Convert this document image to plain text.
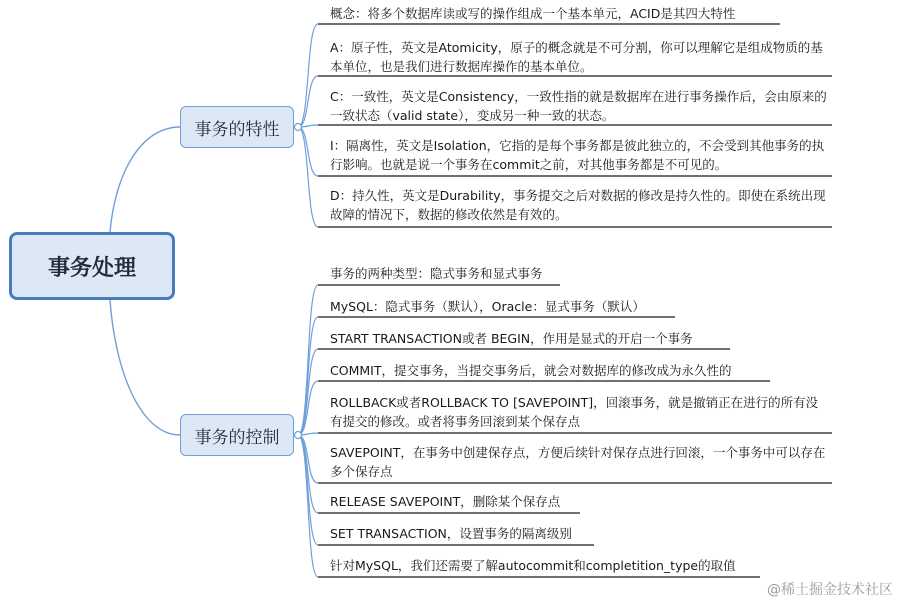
事务处理
事务的特性
事务的控制
概念：将多个数据库读或写的操作组成一个基本单元，ACID是其四大特性
A：原子性，英文是Atomicity，原子的概念就是不可分割，你可以理解它是组成物质的基本单位，也是我们进行数据库操作的基本单位。
C：一致性，英文是Consistency，一致性指的就是数据库在进行事务操作后，会由原来的一致状态（valid state），变成另一种一致的状态。
I：隔离性，英文是Isolation，它指的是每个事务都是彼此独立的，不会受到其他事务的执行影响。也就是说一个事务在commit之前，对其他事务都是不可见的。
D：持久性，英文是Durability，事务提交之后对数据的修改是持久性的。即使在系统出现故障的情况下，数据的修改依然是有效的。
事务的两种类型：隐式事务和显式事务
MySQL：隐式事务（默认），Oracle：显式事务（默认）
START TRANSACTION或者 BEGIN，作用是显式的开启一个事务
COMMIT，提交事务，当提交事务后，就会对数据库的修改成为永久性的
ROLLBACK或者ROLLBACK TO [SAVEPOINT]，回滚事务，就是撤销正在进行的所有没有提交的修改。或者将事务回滚到某个保存点
SAVEPOINT，在事务中创建保存点，方便后续针对保存点进行回滚，一个事务中可以存在多个保存点
RELEASE SAVEPOINT，删除某个保存点
SET TRANSACTION，设置事务的隔离级别
针对MySQL，我们还需要了解autocommit和completition_type的取值
@稀土掘金技术社区
